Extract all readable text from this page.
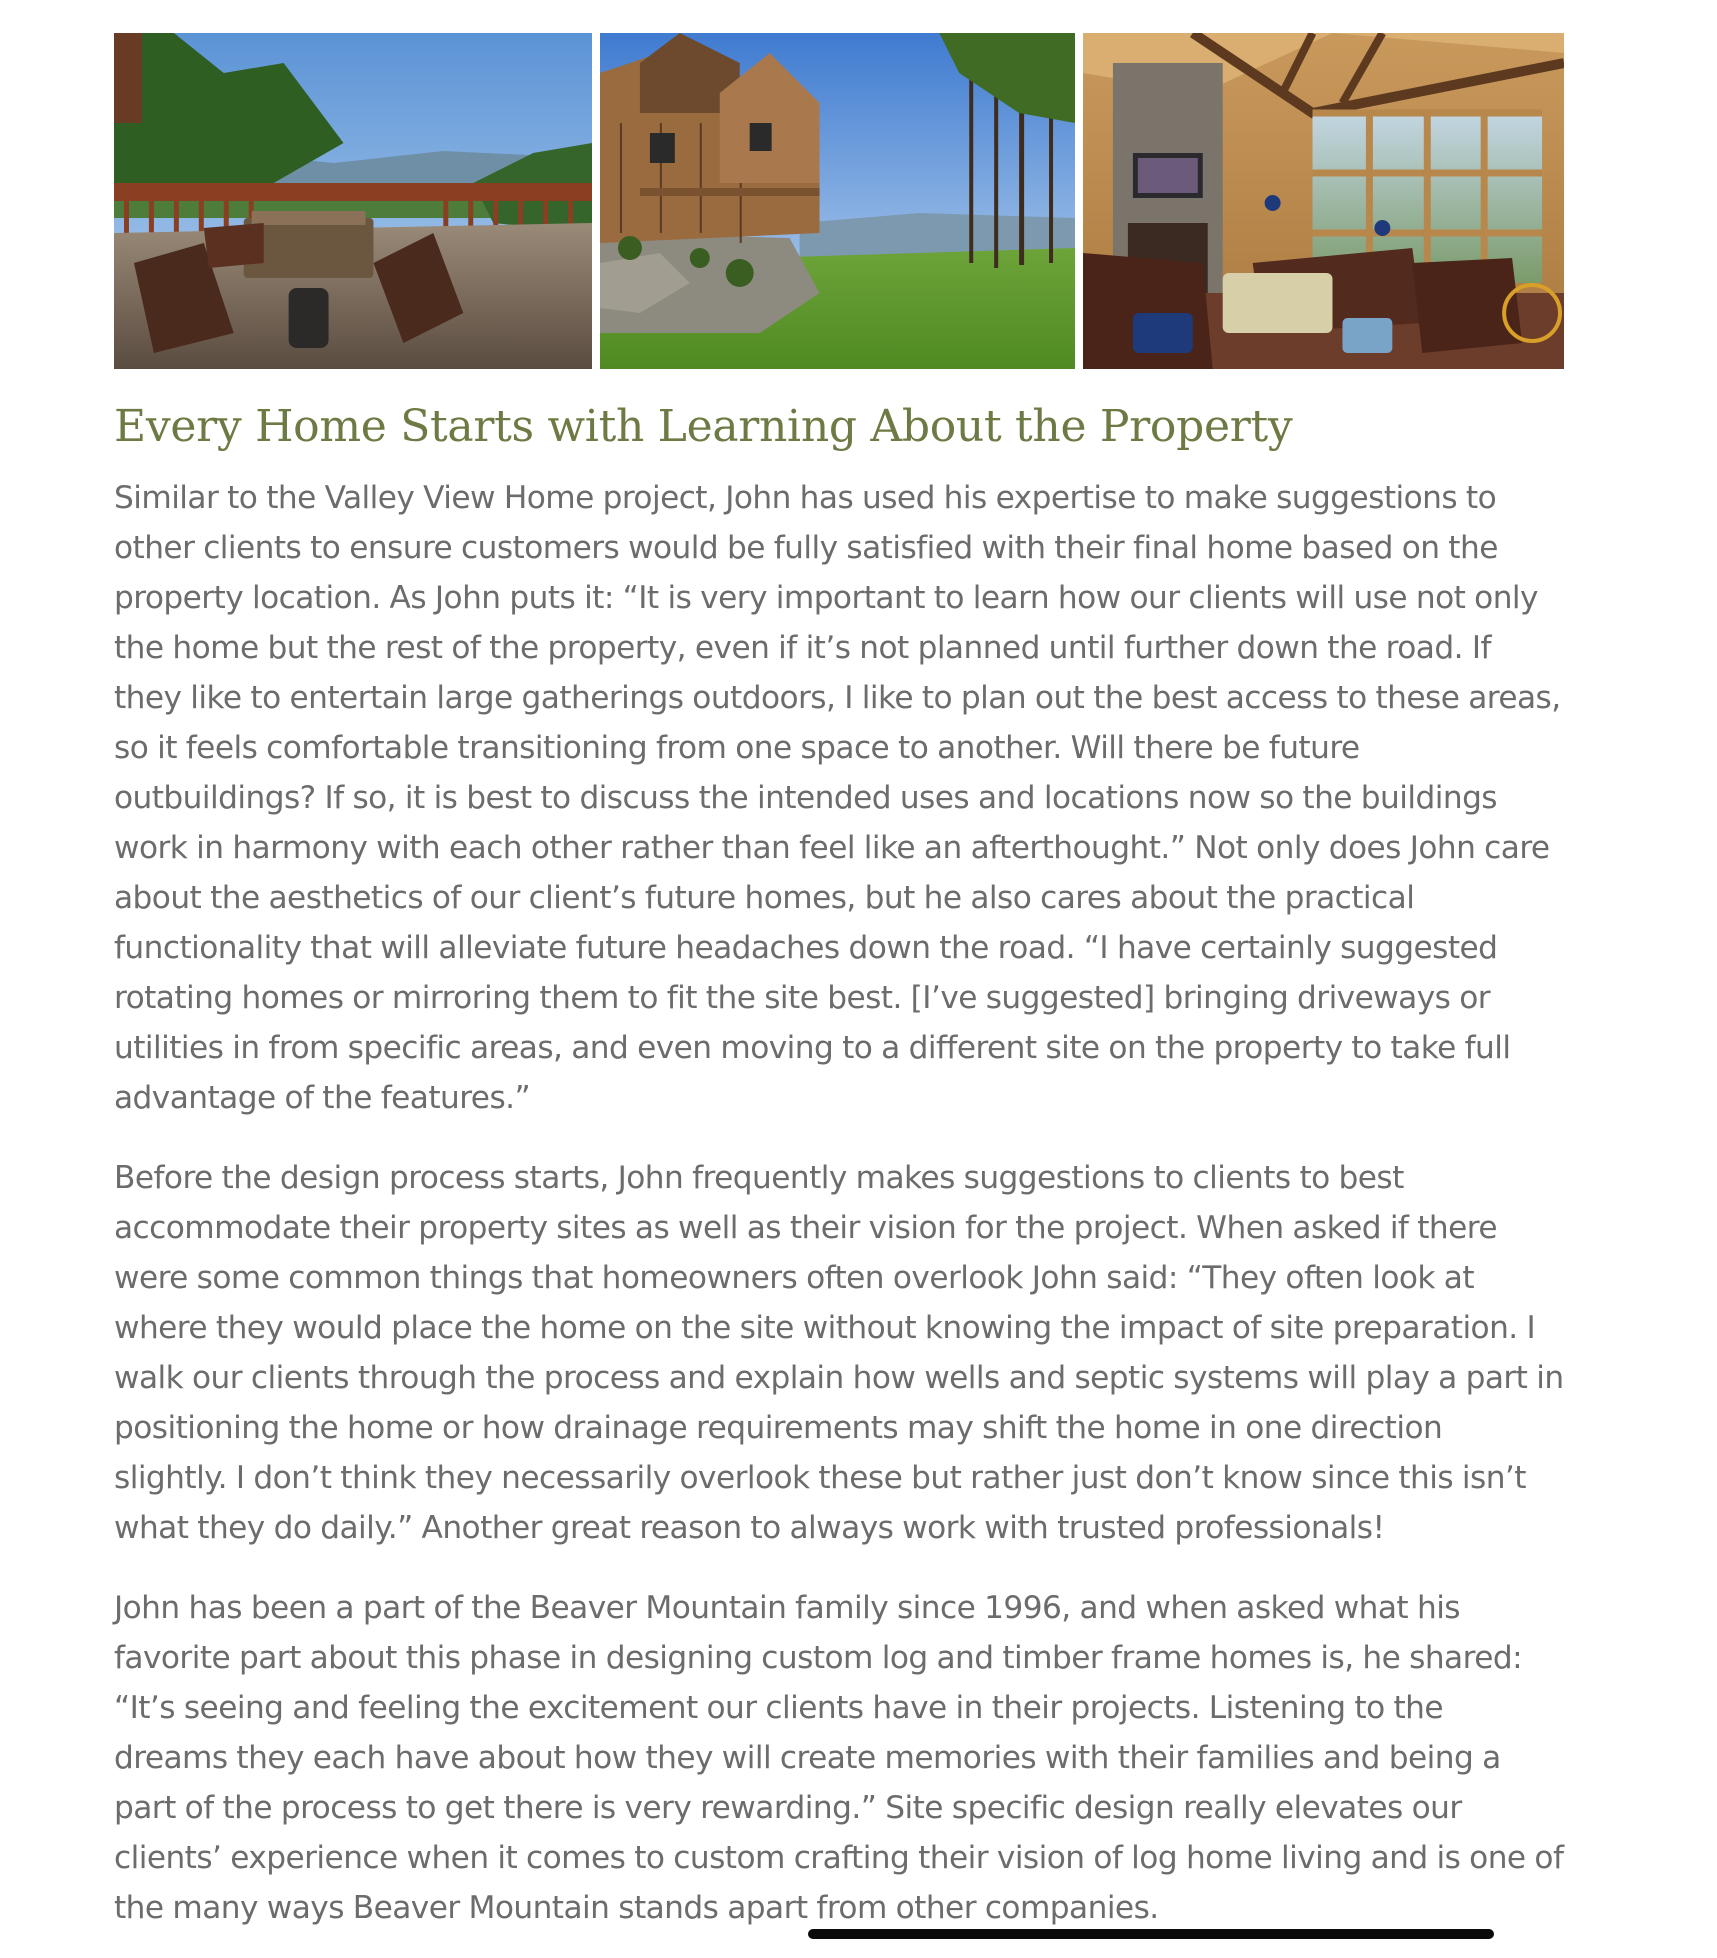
Every Home Starts with Learning About the Property

Similar to the Valley View Home project, John has used his expertise to make suggestions to other clients to ensure customers would be fully satisfied with their final home based on the property location. As John puts it: “It is very important to learn how our clients will use not only the home but the rest of the property, even if it’s not planned until further down the road. If they like to entertain large gatherings outdoors, I like to plan out the best access to these areas, so it feels comfortable transitioning from one space to another. Will there be future outbuildings? If so, it is best to discuss the intended uses and locations now so the buildings work in harmony with each other rather than feel like an afterthought.” Not only does John care about the aesthetics of our client’s future homes, but he also cares about the practical functionality that will alleviate future headaches down the road. “I have certainly suggested rotating homes or mirroring them to fit the site best. [I’ve suggested] bringing driveways or utilities in from specific areas, and even moving to a different site on the property to take full advantage of the features.”

Before the design process starts, John frequently makes suggestions to clients to best accommodate their property sites as well as their vision for the project. When asked if there were some common things that homeowners often overlook John said: “They often look at where they would place the home on the site without knowing the impact of site preparation. I walk our clients through the process and explain how wells and septic systems will play a part in positioning the home or how drainage requirements may shift the home in one direction slightly. I don’t think they necessarily overlook these but rather just don’t know since this isn’t what they do daily.” Another great reason to always work with trusted professionals!

John has been a part of the Beaver Mountain family since 1996, and when asked what his favorite part about this phase in designing custom log and timber frame homes is, he shared: “It’s seeing and feeling the excitement our clients have in their projects. Listening to the dreams they each have about how they will create memories with their families and being a part of the process to get there is very rewarding.” Site specific design really elevates our clients’ experience when it comes to custom crafting their vision of log home living and is one of the many ways Beaver Mountain stands apart from other companies.
